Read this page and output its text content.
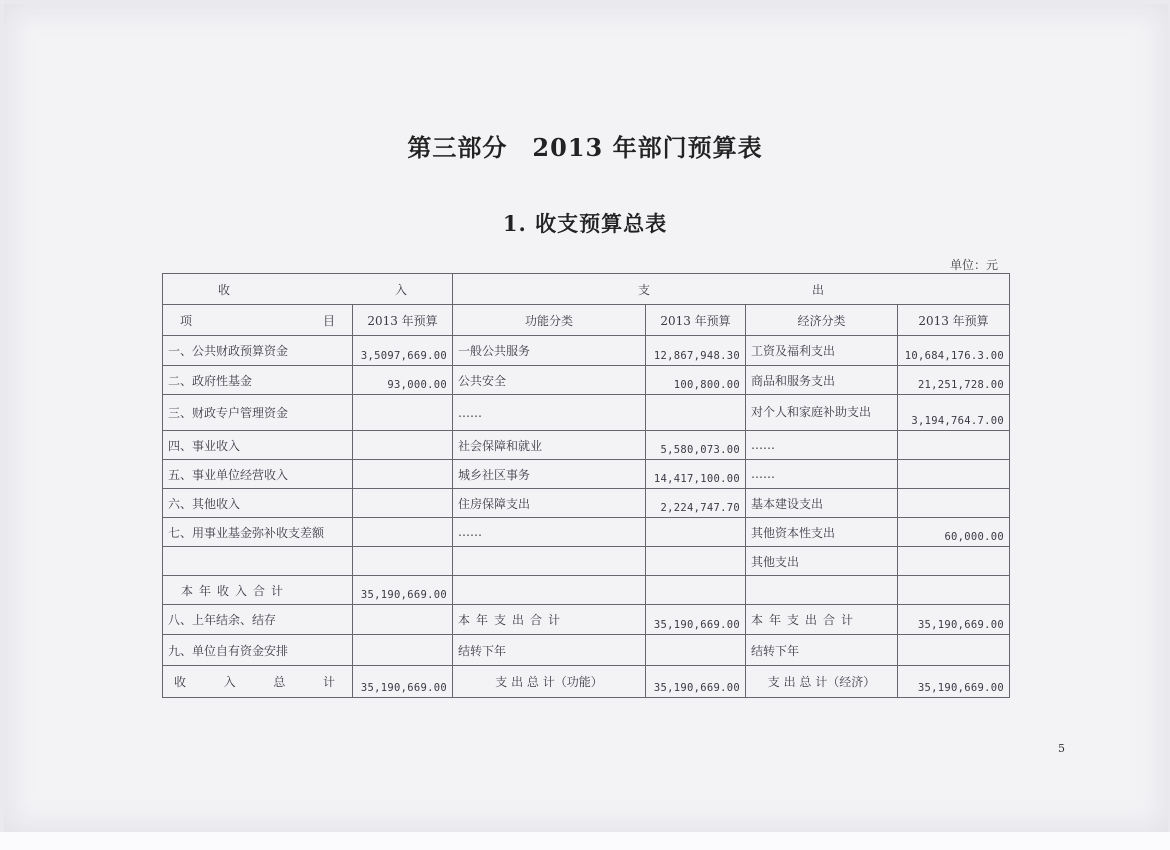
第三部分　2013 年部门预算表
1. 收支预算总表
单位：元
收 入		支 出			

项 目	2013 年预算	功能分类	2013 年预算	经济分类	2013 年预算
一、公共财政预算资金	3,5097,669.00	一般公共服务	12,867,948.30	工资及福利支出	10,684,176.3.00
二、政府性基金	93,000.00	公共安全	100,800.00	商品和服务支出	21,251,728.00
三、财政专户管理资金		……		对个人和家庭补助支出	3,194,764.7.00
四、事业收入		社会保障和就业	5,580,073.00	……	
五、事业单位经营收入		城乡社区事务	14,417,100.00	……	
六、其他收入		住房保障支出	2,224,747.70	基本建设支出	
七、用事业基金弥补收支差额		……		其他资本性支出	60,000.00
				其他支出	
本年收入合计	35,190,669.00				
八、上年结余、结存		本年支出合计	35,190,669.00	本年支出合计	35,190,669.00
九、单位自有资金安排		结转下年		结转下年	

收 入 总 计	35,190,669.00	支 出 总 计（功能）	35,190,669.00	支 出 总 计（经济）	35,190,669.00
5
